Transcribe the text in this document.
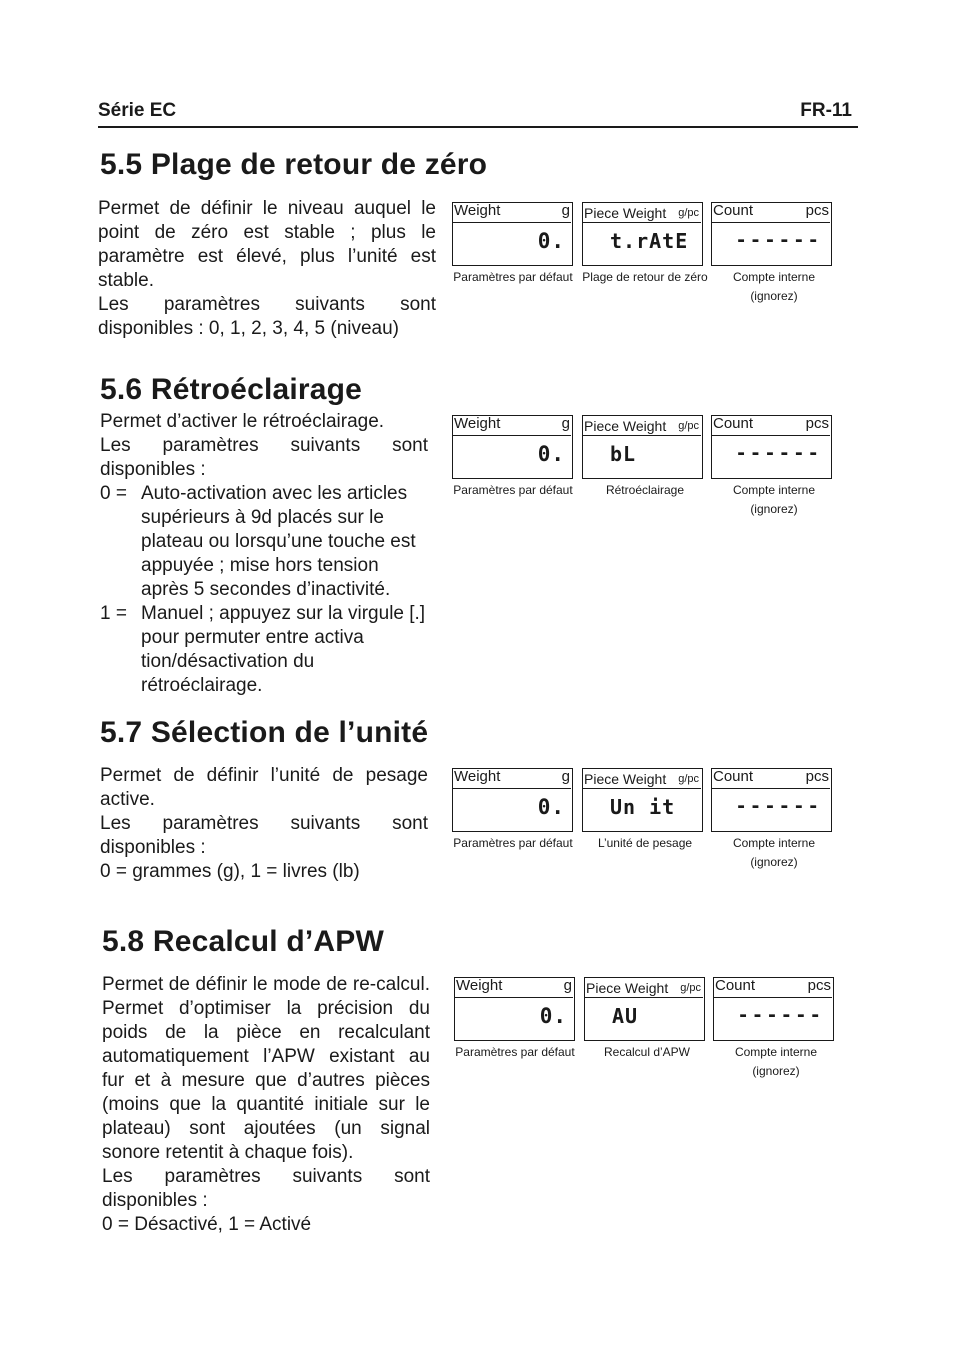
Série EC	FR-11
5.5 Plage de retour de zéro

Permet de définir le niveau auquel le point de zéro est stable ; plus le paramètre est élevé, plus l’unité est stable.

Les paramètres suivants sont disponibles : 0, 1, 2, 3, 4, 5 (niveau)

Weight	g
0.
Piece Weight g/pc
t.rAtE
Count	pcs
------
Paramètres par défaut Plage de retour de zéro	Compte interne (ignorez)
5.6 Rétroéclairage

Permet d’activer le rétroéclairage.

Les paramètres suivants sont disponibles :

0 = Auto-activation avec les articles supérieurs à 9d placés sur le plateau ou lorsqu’une touche est appuyée ; mise hors tension après 5 secondes d’inactivité.
1 = Manuel ; appuyez sur la virgule [.] pour permuter entre activa tion/désactivation du rétroéclairage.
Weight	g
0.
Piece Weight g/pc
bL
Count	pcs
------
Paramètres par défaut	Rétroéclairage	Compte interne (ignorez)
5.7 Sélection de l’unité

Permet de définir l’unité de pesage active.

Les paramètres suivants sont disponibles :

0 = grammes (g), 1 = livres (lb)

Weight	g
0.
Piece Weight g/pc
Un it
Count	pcs
------
Paramètres par défaut	L’unité de pesage	Compte interne (ignorez)
5.8 Recalcul d’APW

Permet de définir le mode de re-calcul. Permet d’optimiser la précision du poids de la pièce en recalculant automatiquement l’APW existant au fur et à mesure que d’autres pièces (moins que la quantité initiale sur le plateau) sont ajoutées (un signal sonore retentit à chaque fois).

Les paramètres suivants sont disponibles :

0 = Désactivé, 1 = Activé

Weight	g
0.
Piece Weight g/pc
AU
Count	pcs
------
Paramètres par défaut	Recalcul d’APW	Compte interne (ignorez)
